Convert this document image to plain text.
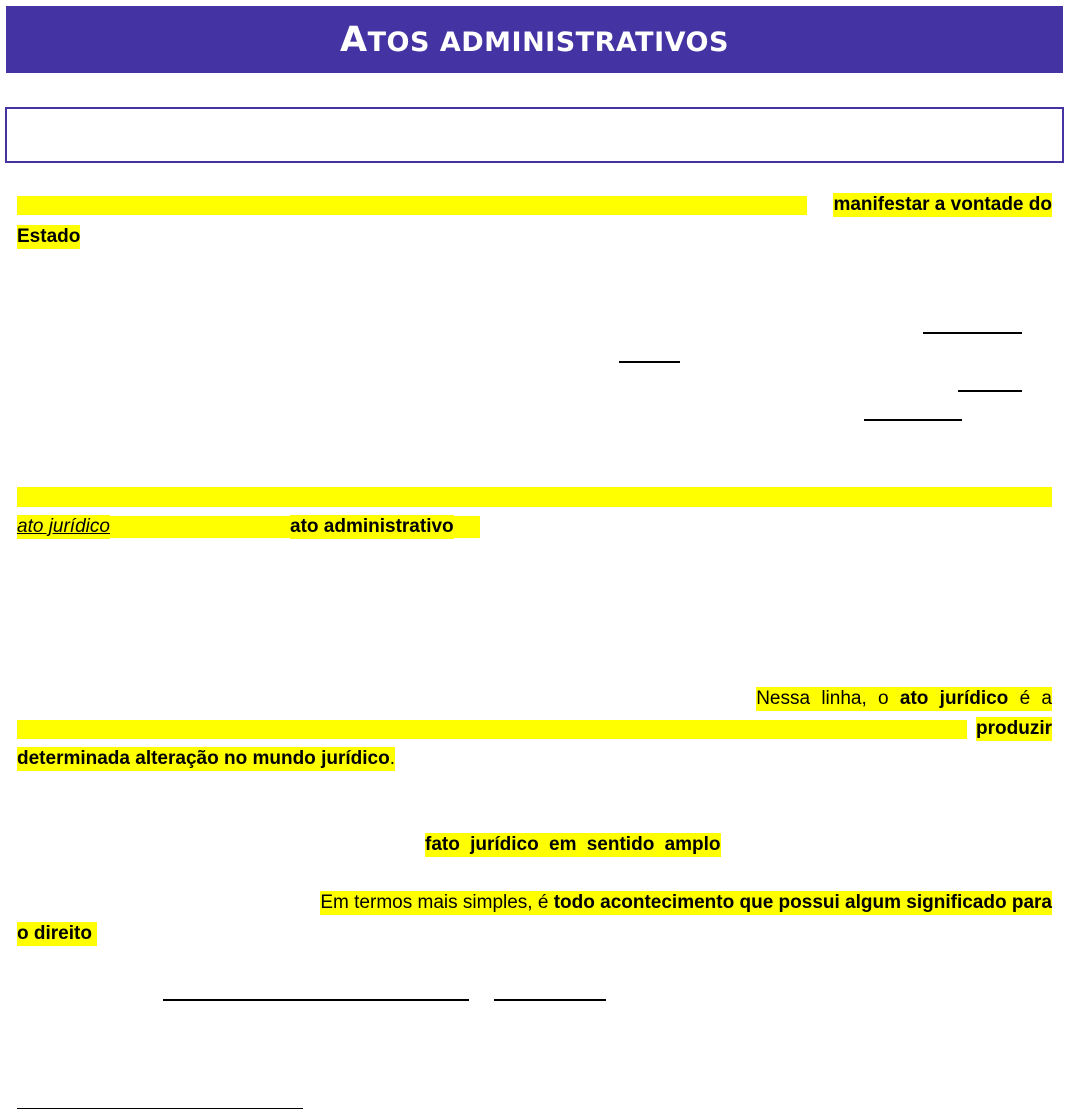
ATOS ADMINISTRATIVOS
manifestar a vontade do
Estado
ato jurídico	ato administrativo
Nessa linha, o ato jurídico é a
produzir
determinada alteração no mundo jurídico.
fato jurídico em sentido amplo
Em termos mais simples, é todo acontecimento que possui algum significado para
o direito
